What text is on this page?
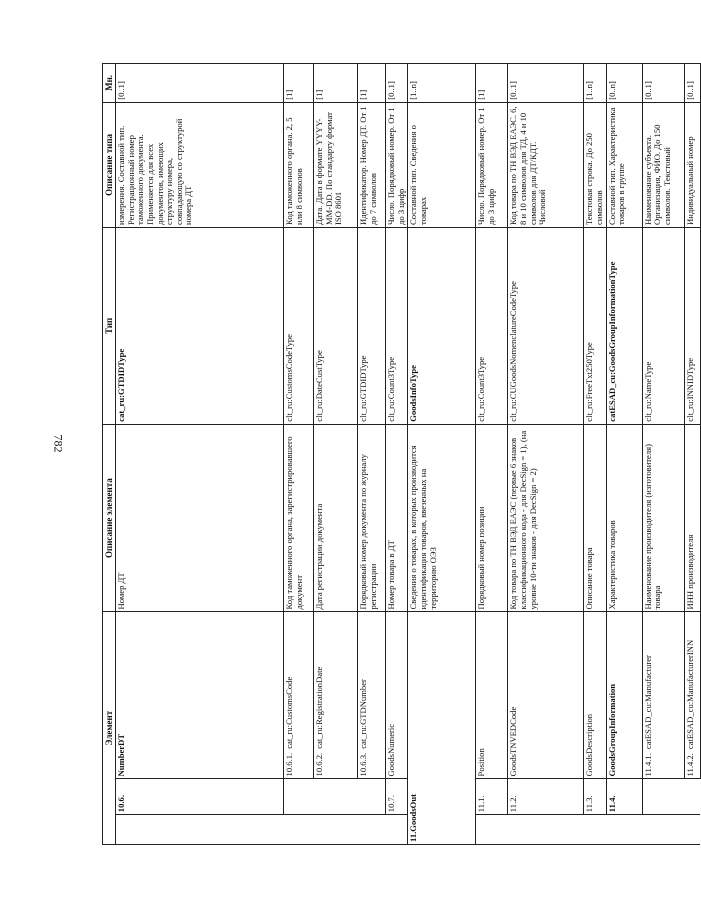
782
Элемент			Описание элемента	Тип	Описание типа	Мн.
	10.6.	NumberDT	Номер ДТ	cat_ru:GTDIDType	измерения. Составной тип. Регистрационный номер таможенного документа. Применяется для всех документов, имеющих структуру номера, совпадающую со структурой номера ДТ	[0..1]
		10.6.1.cat_ru:CustomsCode	Код таможенного органа, зарегистрировавшего документ	clt_ru:CustomsCodeType	Код таможенного органа. 2, 5 или 8 символов	[1]
		10.6.2.cat_ru:RegistrationDate	Дата регистрации документа	clt_ru:DateCustType	Дата. Дата в формате YYYY-MM-DD. По стандарту формат ISO 8601	[1]
		10.6.3.cat_ru:GTDNumber	Порядковый номер документа по журналу регистрации	clt_ru:GTDIDType	Идентификатор. Номер ДТ. От 1 до 7 символов	[1]
	10.7.	GoodsNumeric	Номер товара в ДТ	clt_ru:Count3Type	Число. Порядковый номер. От 1 до 3 цифр	[0..1]
11.GoodsOut			Сведения о товарах, в которых производится идентификация товаров, ввезенных на территорию ОЭЗ	GoodsInfoType	Составной тип. Сведения о товарах	[1..n]
	11.1.	Position	Порядковый номер позиции	clt_ru:Count3Type	Число. Порядковый номер. От 1 до 3 цифр	[1]
	11.2.	GoodsTNVEDCode	Код товара по ТН ВЭД ЕАЭС (первые 6 знаков классификационного кода - для DecSign = 1), (на уровне 10-ти знаков - для DecSign = 2)	clt_ru:CUGoodsNomenclatureCodeType	Код товара по ТН ВЭД ЕАЭС. 6, 8 и 10 символов для ТД, 4 и 10 символов для ДТ/КДТ. Числовой	[0..1]
	11.3.	GoodsDescription	Описание товара	clt_ru:FreeTxt250Type	Текстовая строка. До 250 символов	[1..n]
	11.4.	GoodsGroupInformation	Характеристика товаров	catESAD_cu:GoodsGroupInformationType	Составной тип. Характеристика товаров в группе	[0..n]
		11.4.1.catESAD_cu:Manufacturer	Наименование производителя (изготовителя) товара	clt_ru:NameType	Наименование субъекта. Организация, ФИО. До 150 символов. Текстовый	[0..1]
		11.4.2.catESAD_cu:ManufacturerINN	ИНН производителя	clt_ru:INNIDType	Индивидуальный номер	[0..1]
